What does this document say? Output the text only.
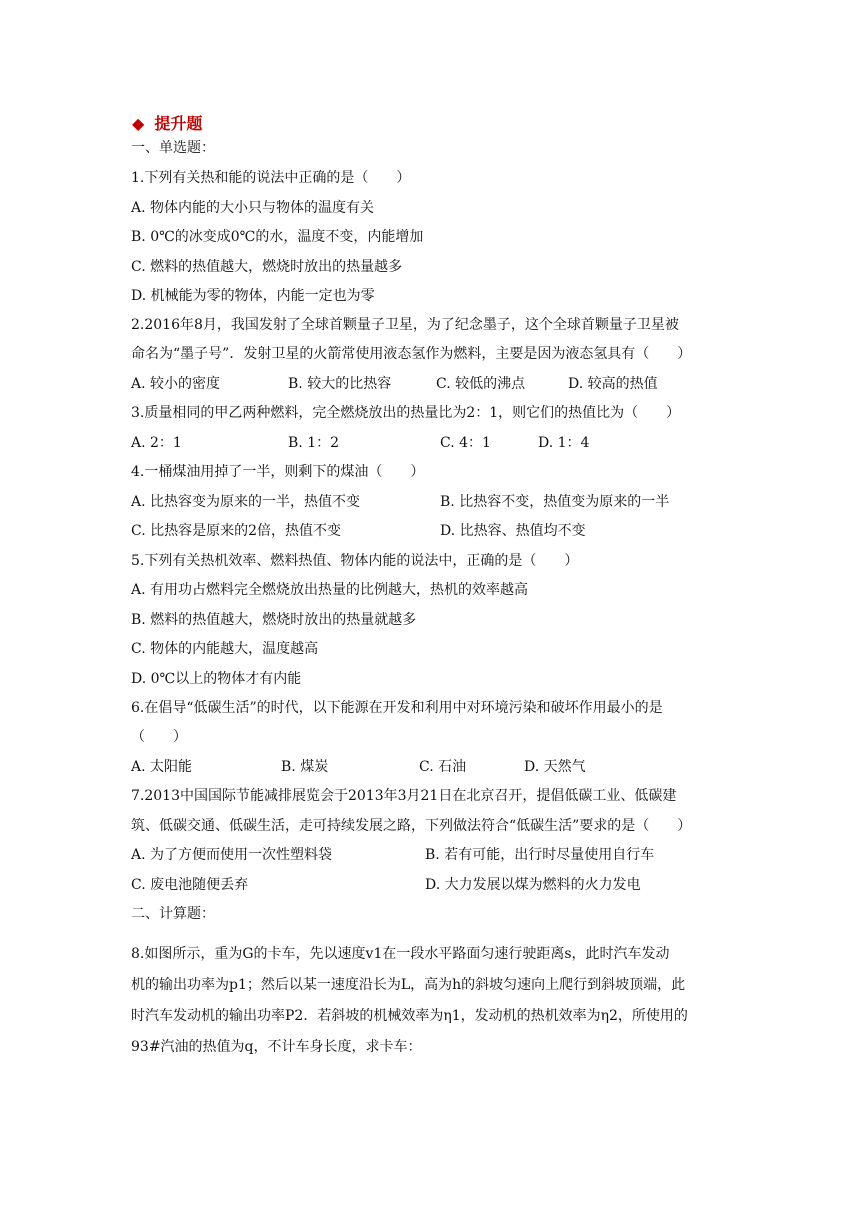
◆ 提升题
一、单选题：
1.下列有关热和能的说法中正确的是（　　）
A. 物体内能的大小只与物体的温度有关
B. 0℃的冰变成0℃的水，温度不变，内能增加
C. 燃料的热值越大，燃烧时放出的热量越多
D. 机械能为零的物体，内能一定也为零
2.2016年8月，我国发射了全球首颗量子卫星，为了纪念墨子，这个全球首颗量子卫星被
命名为“墨子号”．发射卫星的火箭常使用液态氢作为燃料，主要是因为液态氢具有（　　）
A. 较小的密度	B. 较大的比热容	C. 较低的沸点	D. 较高的热值
3.质量相同的甲乙两种燃料，完全燃烧放出的热量比为2：1，则它们的热值比为（　　）
A. 2：1	B. 1：2	C. 4：1	D. 1：4
4.一桶煤油用掉了一半，则剩下的煤油（　　）
A. 比热容变为原来的一半，热值不变	B. 比热容不变，热值变为原来的一半
C. 比热容是原来的2倍，热值不变	D. 比热容、热值均不变
5.下列有关热机效率、燃料热值、物体内能的说法中，正确的是（　　）
A. 有用功占燃料完全燃烧放出热量的比例越大，热机的效率越高
B. 燃料的热值越大，燃烧时放出的热量就越多
C. 物体的内能越大，温度越高
D. 0℃以上的物体才有内能
6.在倡导“低碳生活”的时代，以下能源在开发和利用中对环境污染和破坏作用最小的是
（　　）
A. 太阳能	B. 煤炭	C. 石油	D. 天然气
7.2013中国国际节能减排展览会于2013年3月21日在北京召开，提倡低碳工业、低碳建
筑、低碳交通、低碳生活，走可持续发展之路，下列做法符合“低碳生活”要求的是（　　）
A. 为了方便而使用一次性塑料袋	B. 若有可能，出行时尽量使用自行车
C. 废电池随便丢弃	D. 大力发展以煤为燃料的火力发电
二、计算题：
8.如图所示，重为G的卡车，先以速度v1在一段水平路面匀速行驶距离s，此时汽车发动
机的输出功率为p1；然后以某一速度沿长为L，高为h的斜坡匀速向上爬行到斜坡顶端，此
时汽车发动机的输出功率P2．若斜坡的机械效率为η1，发动机的热机效率为η2，所使用的
93#汽油的热值为q，不计车身长度，求卡车：
